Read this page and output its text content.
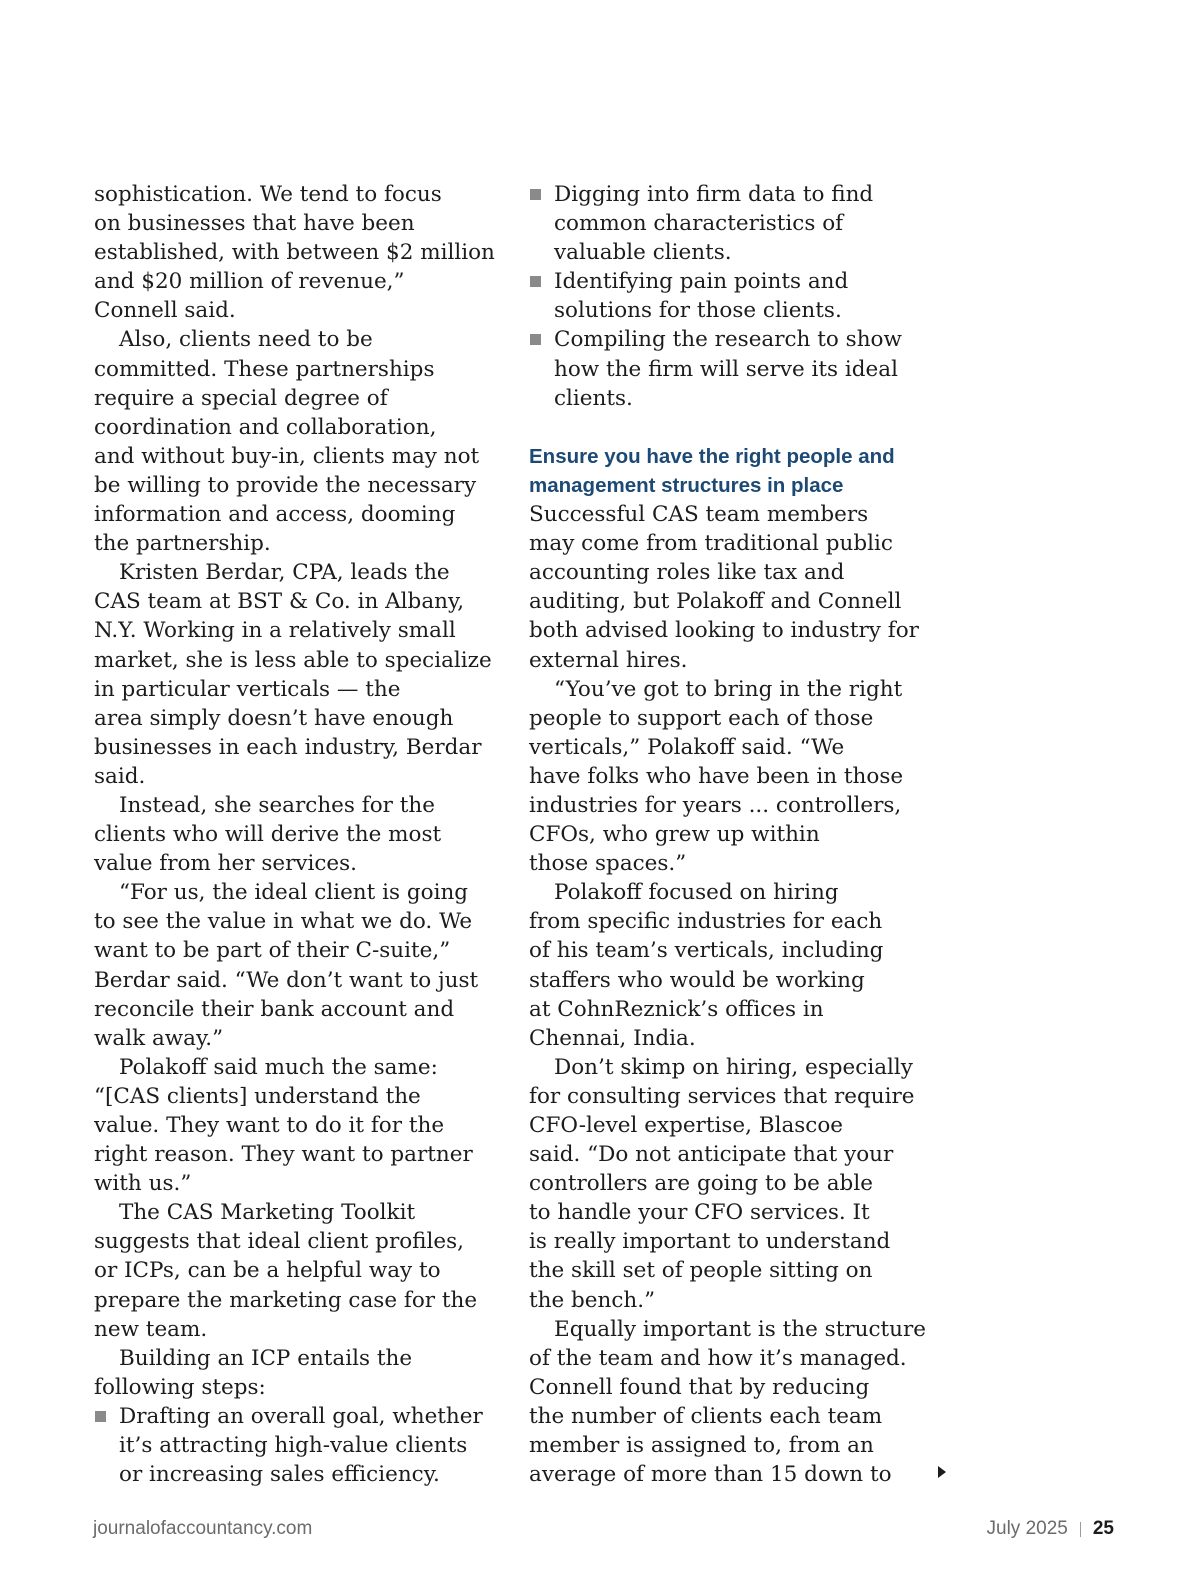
sophistication. We tend to focus
on businesses that have been
established, with between $2 million
and $20 million of revenue,”
Connell said.
Also, clients need to be
committed. These partnerships
require a special degree of
coordination and collaboration,
and without buy-in, clients may not
be willing to provide the necessary
information and access, dooming
the partnership.
Kristen Berdar, CPA, leads the
CAS team at BST & Co. in Albany,
N.Y. Working in a relatively small
market, she is less able to specialize
in particular verticals — the
area simply doesn’t have enough
businesses in each industry, Berdar
said.
Instead, she searches for the
clients who will derive the most
value from her services.
“For us, the ideal client is going
to see the value in what we do. We
want to be part of their C-suite,”
Berdar said. “We don’t want to just
reconcile their bank account and
walk away.”
Polakoff said much the same:
“[CAS clients] understand the
value. They want to do it for the
right reason. They want to partner
with us.”
The CAS Marketing Toolkit
suggests that ideal client profiles,
or ICPs, can be a helpful way to
prepare the marketing case for the
new team.
Building an ICP entails the
following steps:
Drafting an overall goal, whether
it’s attracting high-value clients
or increasing sales efficiency.
Digging into firm data to find
common characteristics of
valuable clients.
Identifying pain points and
solutions for those clients.
Compiling the research to show
how the firm will serve its ideal
clients.
Ensure you have the right people and
management structures in place
Successful CAS team members
may come from traditional public
accounting roles like tax and
auditing, but Polakoff and Connell
both advised looking to industry for
external hires.
“You’ve got to bring in the right
people to support each of those
verticals,” Polakoff said. “We
have folks who have been in those
industries for years ... controllers,
CFOs, who grew up within
those spaces.”
Polakoff focused on hiring
from specific industries for each
of his team’s verticals, including
staffers who would be working
at CohnReznick’s offices in
Chennai, India.
Don’t skimp on hiring, especially
for consulting services that require
CFO-level expertise, Blascoe
said. “Do not anticipate that your
controllers are going to be able
to handle your CFO services. It
is really important to understand
the skill set of people sitting on
the bench.”
Equally important is the structure
of the team and how it’s managed.
Connell found that by reducing
the number of clients each team
member is assigned to, from an
average of more than 15 down to
journalofaccountancy.com	July 2025 25
